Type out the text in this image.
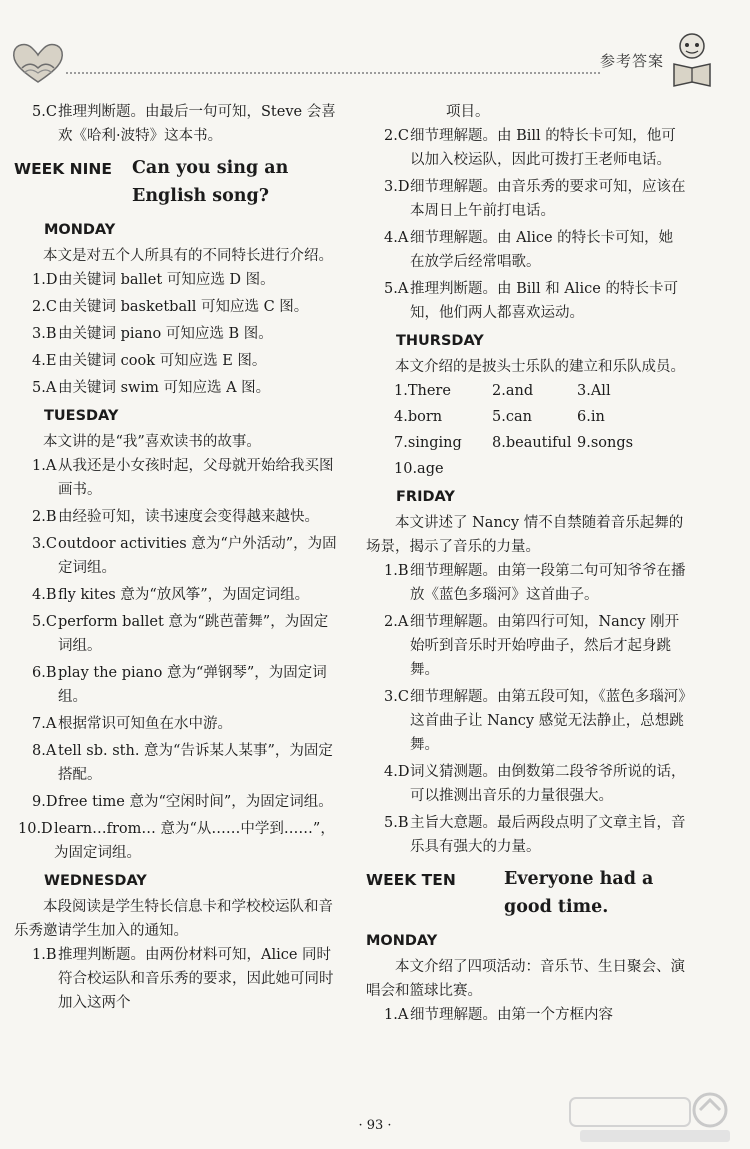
参考答案
5.C 推理判断题。由最后一句可知，Steve 会喜欢《哈利·波特》这本书。
WEEK NINE	Can you sing an English song?
MONDAY

本文是对五个人所具有的不同特长进行介绍。

1.D 由关键词 ballet 可知应选 D 图。
2.C 由关键词 basketball 可知应选 C 图。
3.B 由关键词 piano 可知应选 B 图。
4.E 由关键词 cook 可知应选 E 图。
5.A 由关键词 swim 可知应选 A 图。
TUESDAY

本文讲的是“我”喜欢读书的故事。

1.A 从我还是小女孩时起，父母就开始给我买图画书。
2.B 由经验可知，读书速度会变得越来越快。
3.C outdoor activities 意为“户外活动”，为固定词组。
4.B fly kites 意为“放风筝”，为固定词组。
5.C perform ballet 意为“跳芭蕾舞”，为固定词组。
6.B play the piano 意为“弹钢琴”，为固定词组。
7.A 根据常识可知鱼在水中游。
8.A tell sb. sth. 意为“告诉某人某事”，为固定搭配。
9.D free time 意为“空闲时间”，为固定词组。
10.D learn…from… 意为“从……中学到……”，为固定词组。
WEDNESDAY

本段阅读是学生特长信息卡和学校校运队和音乐秀邀请学生加入的通知。

1.B 推理判断题。由两份材料可知，Alice 同时符合校运队和音乐秀的要求，因此她可同时加入这两个

项目。

2.C 细节理解题。由 Bill 的特长卡可知，他可以加入校运队，因此可拨打王老师电话。
3.D 细节理解题。由音乐秀的要求可知，应该在本周日上午前打电话。
4.A 细节理解题。由 Alice 的特长卡可知，她在放学后经常唱歌。
5.A 推理判断题。由 Bill 和 Alice 的特长卡可知，他们两人都喜欢运动。
THURSDAY

本文介绍的是披头士乐队的建立和乐队成员。

1.There	2.and	3.All
4.born	5.can	6.in
7.singing	8.beautiful 9.songs
10.age
FRIDAY

本文讲述了 Nancy 情不自禁随着音乐起舞的场景，揭示了音乐的力量。

1.B 细节理解题。由第一段第二句可知爷爷在播放《蓝色多瑙河》这首曲子。
2.A 细节理解题。由第四行可知，Nancy 刚开始听到音乐时开始哼曲子，然后才起身跳舞。
3.C 细节理解题。由第五段可知，《蓝色多瑙河》这首曲子让 Nancy 感觉无法静止，总想跳舞。
4.D 词义猜测题。由倒数第二段爷爷所说的话，可以推测出音乐的力量很强大。
5.B 主旨大意题。最后两段点明了文章主旨，音乐具有强大的力量。
WEEK TEN	Everyone had a good time.
MONDAY

本文介绍了四项活动：音乐节、生日聚会、演唱会和篮球比赛。

1.A 细节理解题。由第一个方框内容
· 93 ·
